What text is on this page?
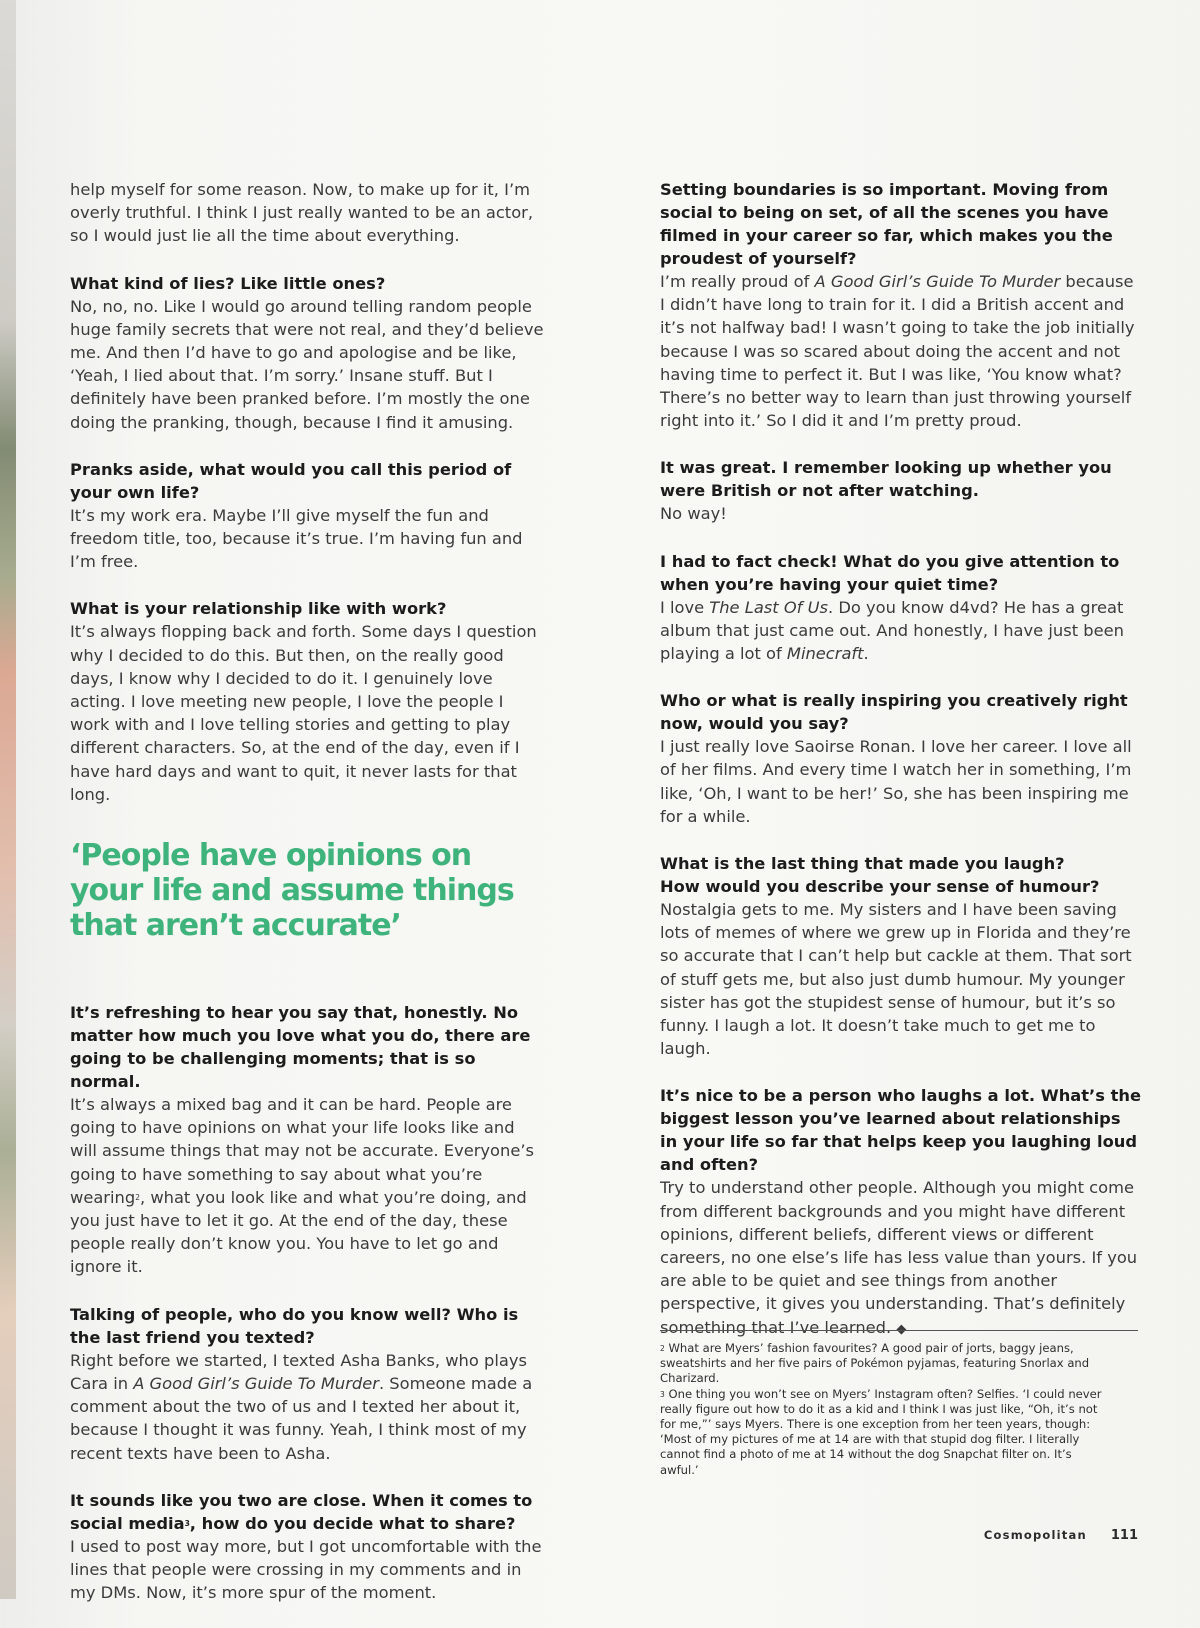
help myself for some reason. Now, to make up for it, I’m overly truthful. I think I just really wanted to be an actor, so I would just lie all the time about everything.

What kind of lies? Like little ones?

No, no, no. Like I would go around telling random people huge family secrets that were not real, and they’d believe me. And then I’d have to go and apologise and be like, ‘Yeah, I lied about that. I’m sorry.’ Insane stuff. But I definitely have been pranked before. I’m mostly the one doing the pranking, though, because I find it amusing.

Pranks aside, what would you call this period of your own life?

It’s my work era. Maybe I’ll give myself the fun and freedom title, too, because it’s true. I’m having fun and I’m free.

What is your relationship like with work?

It’s always flopping back and forth. Some days I question why I decided to do this. But then, on the really good days, I know why I decided to do it. I genuinely love acting. I love meeting new people, I love the people I work with and I love telling stories and getting to play different characters. So, at the end of the day, even if I have hard days and want to quit, it never lasts for that long.

‘People have opinions on your life and assume things that aren’t accurate’

It’s refreshing to hear you say that, honestly. No matter how much you love what you do, there are going to be challenging moments; that is so normal.

It’s always a mixed bag and it can be hard. People are going to have opinions on what your life looks like and will assume things that may not be accurate. Everyone’s going to have something to say about what you’re wearing$^2$, what you look like and what you’re doing, and you just have to let it go. At the end of the day, these people really don’t know you. You have to let go and ignore it.

Talking of people, who do you know well? Who is the last friend you texted?

Right before we started, I texted Asha Banks, who plays Cara in A Good Girl’s Guide To Murder. Someone made a comment about the two of us and I texted her about it, because I thought it was funny. Yeah, I think most of my recent texts have been to Asha.

It sounds like you two are close. When it comes to social media$^3$, how do you decide what to share?

I used to post way more, but I got uncomfortable with the lines that people were crossing in my comments and in my DMs. Now, it’s more spur of the moment.

Setting boundaries is so important. Moving from social to being on set, of all the scenes you have filmed in your career so far, which makes you the proudest of yourself?

I’m really proud of A Good Girl’s Guide To Murder because I didn’t have long to train for it. I did a British accent and it’s not halfway bad! I wasn’t going to take the job initially because I was so scared about doing the accent and not having time to perfect it. But I was like, ‘You know what? There’s no better way to learn than just throwing yourself right into it.’ So I did it and I’m pretty proud.

It was great. I remember looking up whether you were British or not after watching.

No way!

I had to fact check! What do you give attention to when you’re having your quiet time?

I love The Last Of Us. Do you know d4vd? He has a great album that just came out. And honestly, I have just been playing a lot of Minecraft.

Who or what is really inspiring you creatively right now, would you say?

I just really love Saoirse Ronan. I love her career. I love all of her films. And every time I watch her in something, I’m like, ‘Oh, I want to be her!’ So, she has been inspiring me for a while.

What is the last thing that made you laugh?

How would you describe your sense of humour?

Nostalgia gets to me. My sisters and I have been saving lots of memes of where we grew up in Florida and they’re so accurate that I can’t help but cackle at them. That sort of stuff gets me, but also just dumb humour. My younger sister has got the stupidest sense of humour, but it’s so funny. I laugh a lot. It doesn’t take much to get me to laugh.

It’s nice to be a person who laughs a lot. What’s the biggest lesson you’ve learned about relationships in your life so far that helps keep you laughing loud and often?

Try to understand other people. Although you might come from different backgrounds and you might have different opinions, different beliefs, different views or different careers, no one else’s life has less value than yours. If you are able to be quiet and see things from another perspective, it gives you understanding. That’s definitely something that I’ve learned. ◆

$^2$ What are Myers’ fashion favourites? A good pair of jorts, baggy jeans, sweatshirts and her five pairs of Pokémon pyjamas, featuring Snorlax and Charizard.

$^3$ One thing you won’t see on Myers’ Instagram often? Selfies. ‘I could never really figure out how to do it as a kid and I think I was just like, “Oh, it’s not for me,”’ says Myers. There is one exception from her teen years, though: ‘Most of my pictures of me at 14 are with that stupid dog filter. I literally cannot find a photo of me at 14 without the dog Snapchat filter on. It’s awful.’

Cosmopolitan 111
